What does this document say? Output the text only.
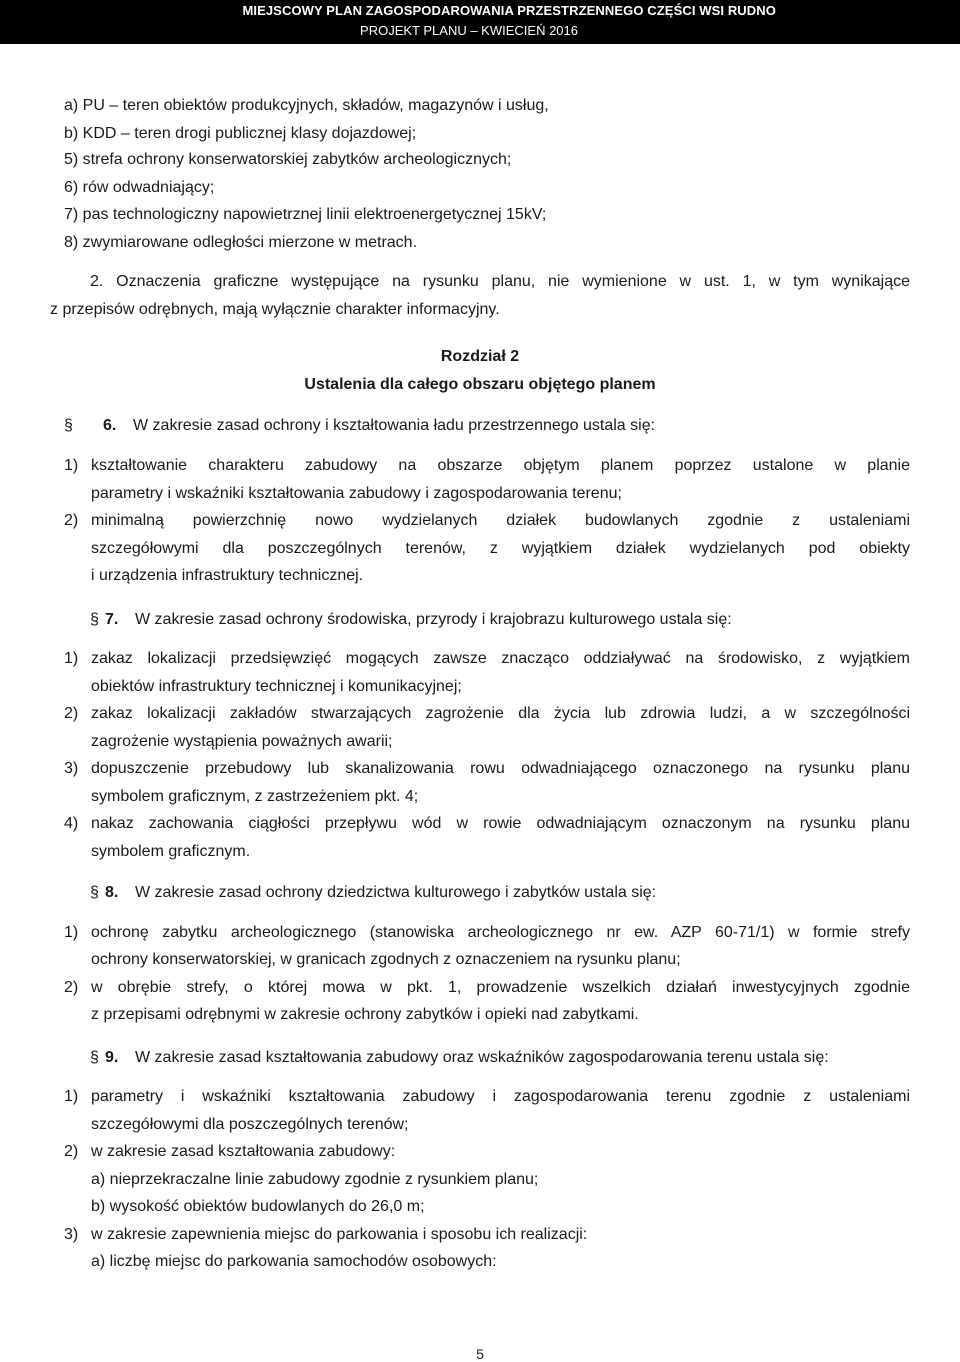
MIEJSCOWY PLAN ZAGOSPODAROWANIA PRZESTRZENNEGO CZĘŚCI WSI RUDNO
PROJEKT PLANU – KWIECIEŃ 2016
a) PU – teren obiektów produkcyjnych, składów, magazynów i usług,
b) KDD – teren drogi publicznej klasy dojazdowej;
5) strefa ochrony konserwatorskiej zabytków archeologicznych;
6) rów odwadniający;
7) pas technologiczny napowietrznej linii elektroenergetycznej 15kV;
8) zwymiarowane odległości mierzone w metrach.
2. Oznaczenia graficzne występujące na rysunku planu, nie wymienione w ust. 1, w tym wynikające
z przepisów odrębnych, mają wyłącznie charakter informacyjny.
Rozdział 2
Ustalenia dla całego obszaru objętego planem
§ 6. W zakresie zasad ochrony i kształtowania ładu przestrzennego ustala się:
1) kształtowanie charakteru zabudowy na obszarze objętym planem poprzez ustalone w planie
parametry i wskaźniki kształtowania zabudowy i zagospodarowania terenu;
2) minimalną powierzchnię nowo wydzielanych działek budowlanych zgodnie z ustaleniami
szczegółowymi dla poszczególnych terenów, z wyjątkiem działek wydzielanych pod obiekty
i urządzenia infrastruktury technicznej.
§ 7. W zakresie zasad ochrony środowiska, przyrody i krajobrazu kulturowego ustala się:
1) zakaz lokalizacji przedsięwzięć mogących zawsze znacząco oddziaływać na środowisko, z wyjątkiem
obiektów infrastruktury technicznej i komunikacyjnej;
2) zakaz lokalizacji zakładów stwarzających zagrożenie dla życia lub zdrowia ludzi, a w szczególności
zagrożenie wystąpienia poważnych awarii;
3) dopuszczenie przebudowy lub skanalizowania rowu odwadniającego oznaczonego na rysunku planu
symbolem graficznym, z zastrzeżeniem pkt. 4;
4) nakaz zachowania ciągłości przepływu wód w rowie odwadniającym oznaczonym na rysunku planu
symbolem graficznym.
§ 8. W zakresie zasad ochrony dziedzictwa kulturowego i zabytków ustala się:
1) ochronę zabytku archeologicznego (stanowiska archeologicznego nr ew. AZP 60-71/1) w formie strefy
ochrony konserwatorskiej, w granicach zgodnych z oznaczeniem na rysunku planu;
2) w obrębie strefy, o której mowa w pkt. 1, prowadzenie wszelkich działań inwestycyjnych zgodnie
z przepisami odrębnymi w zakresie ochrony zabytków i opieki nad zabytkami.
§ 9. W zakresie zasad kształtowania zabudowy oraz wskaźników zagospodarowania terenu ustala się:
1) parametry i wskaźniki kształtowania zabudowy i zagospodarowania terenu zgodnie z ustaleniami
szczegółowymi dla poszczególnych terenów;
2) w zakresie zasad kształtowania zabudowy:
a) nieprzekraczalne linie zabudowy zgodnie z rysunkiem planu;
b) wysokość obiektów budowlanych do 26,0 m;
3) w zakresie zapewnienia miejsc do parkowania i sposobu ich realizacji:
a) liczbę miejsc do parkowania samochodów osobowych:
5
